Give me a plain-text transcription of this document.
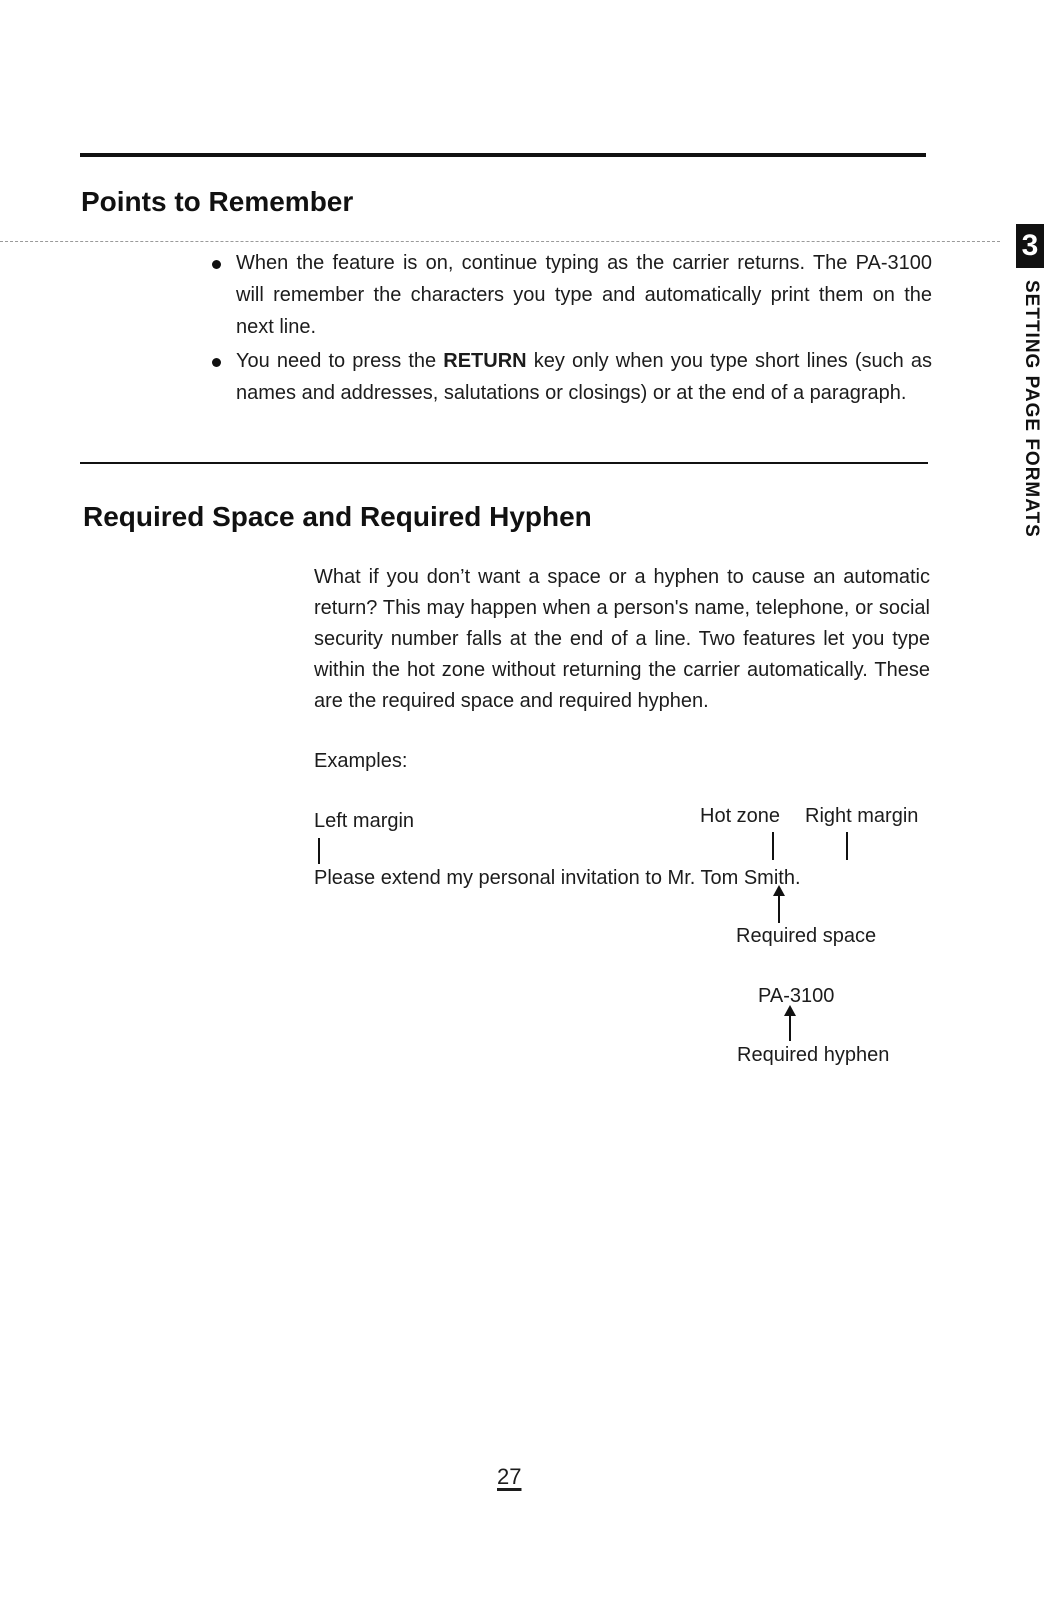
Points to Remember
When the feature is on, continue typing as the carrier returns. The PA-3100 will remember the characters you type and automatically print them on the next line.
You need to press the RETURN key only when you type short lines (such as names and addresses, salutations or closings) or at the end of a paragraph.
Required Space and Required Hyphen

What if you don’t want a space or a hyphen to cause an automatic return? This may happen when a person's name, telephone, or social security number falls at the end of a line. Two features let you type within the hot zone without returning the carrier automatically. These are the required space and required hyphen.

Examples:
Left margin	Hot zone Right margin
Please extend my personal invitation to Mr. Tom Smith.
Required space
PA-3100
Required hyphen
3
SETTING PAGE FORMATS
27
